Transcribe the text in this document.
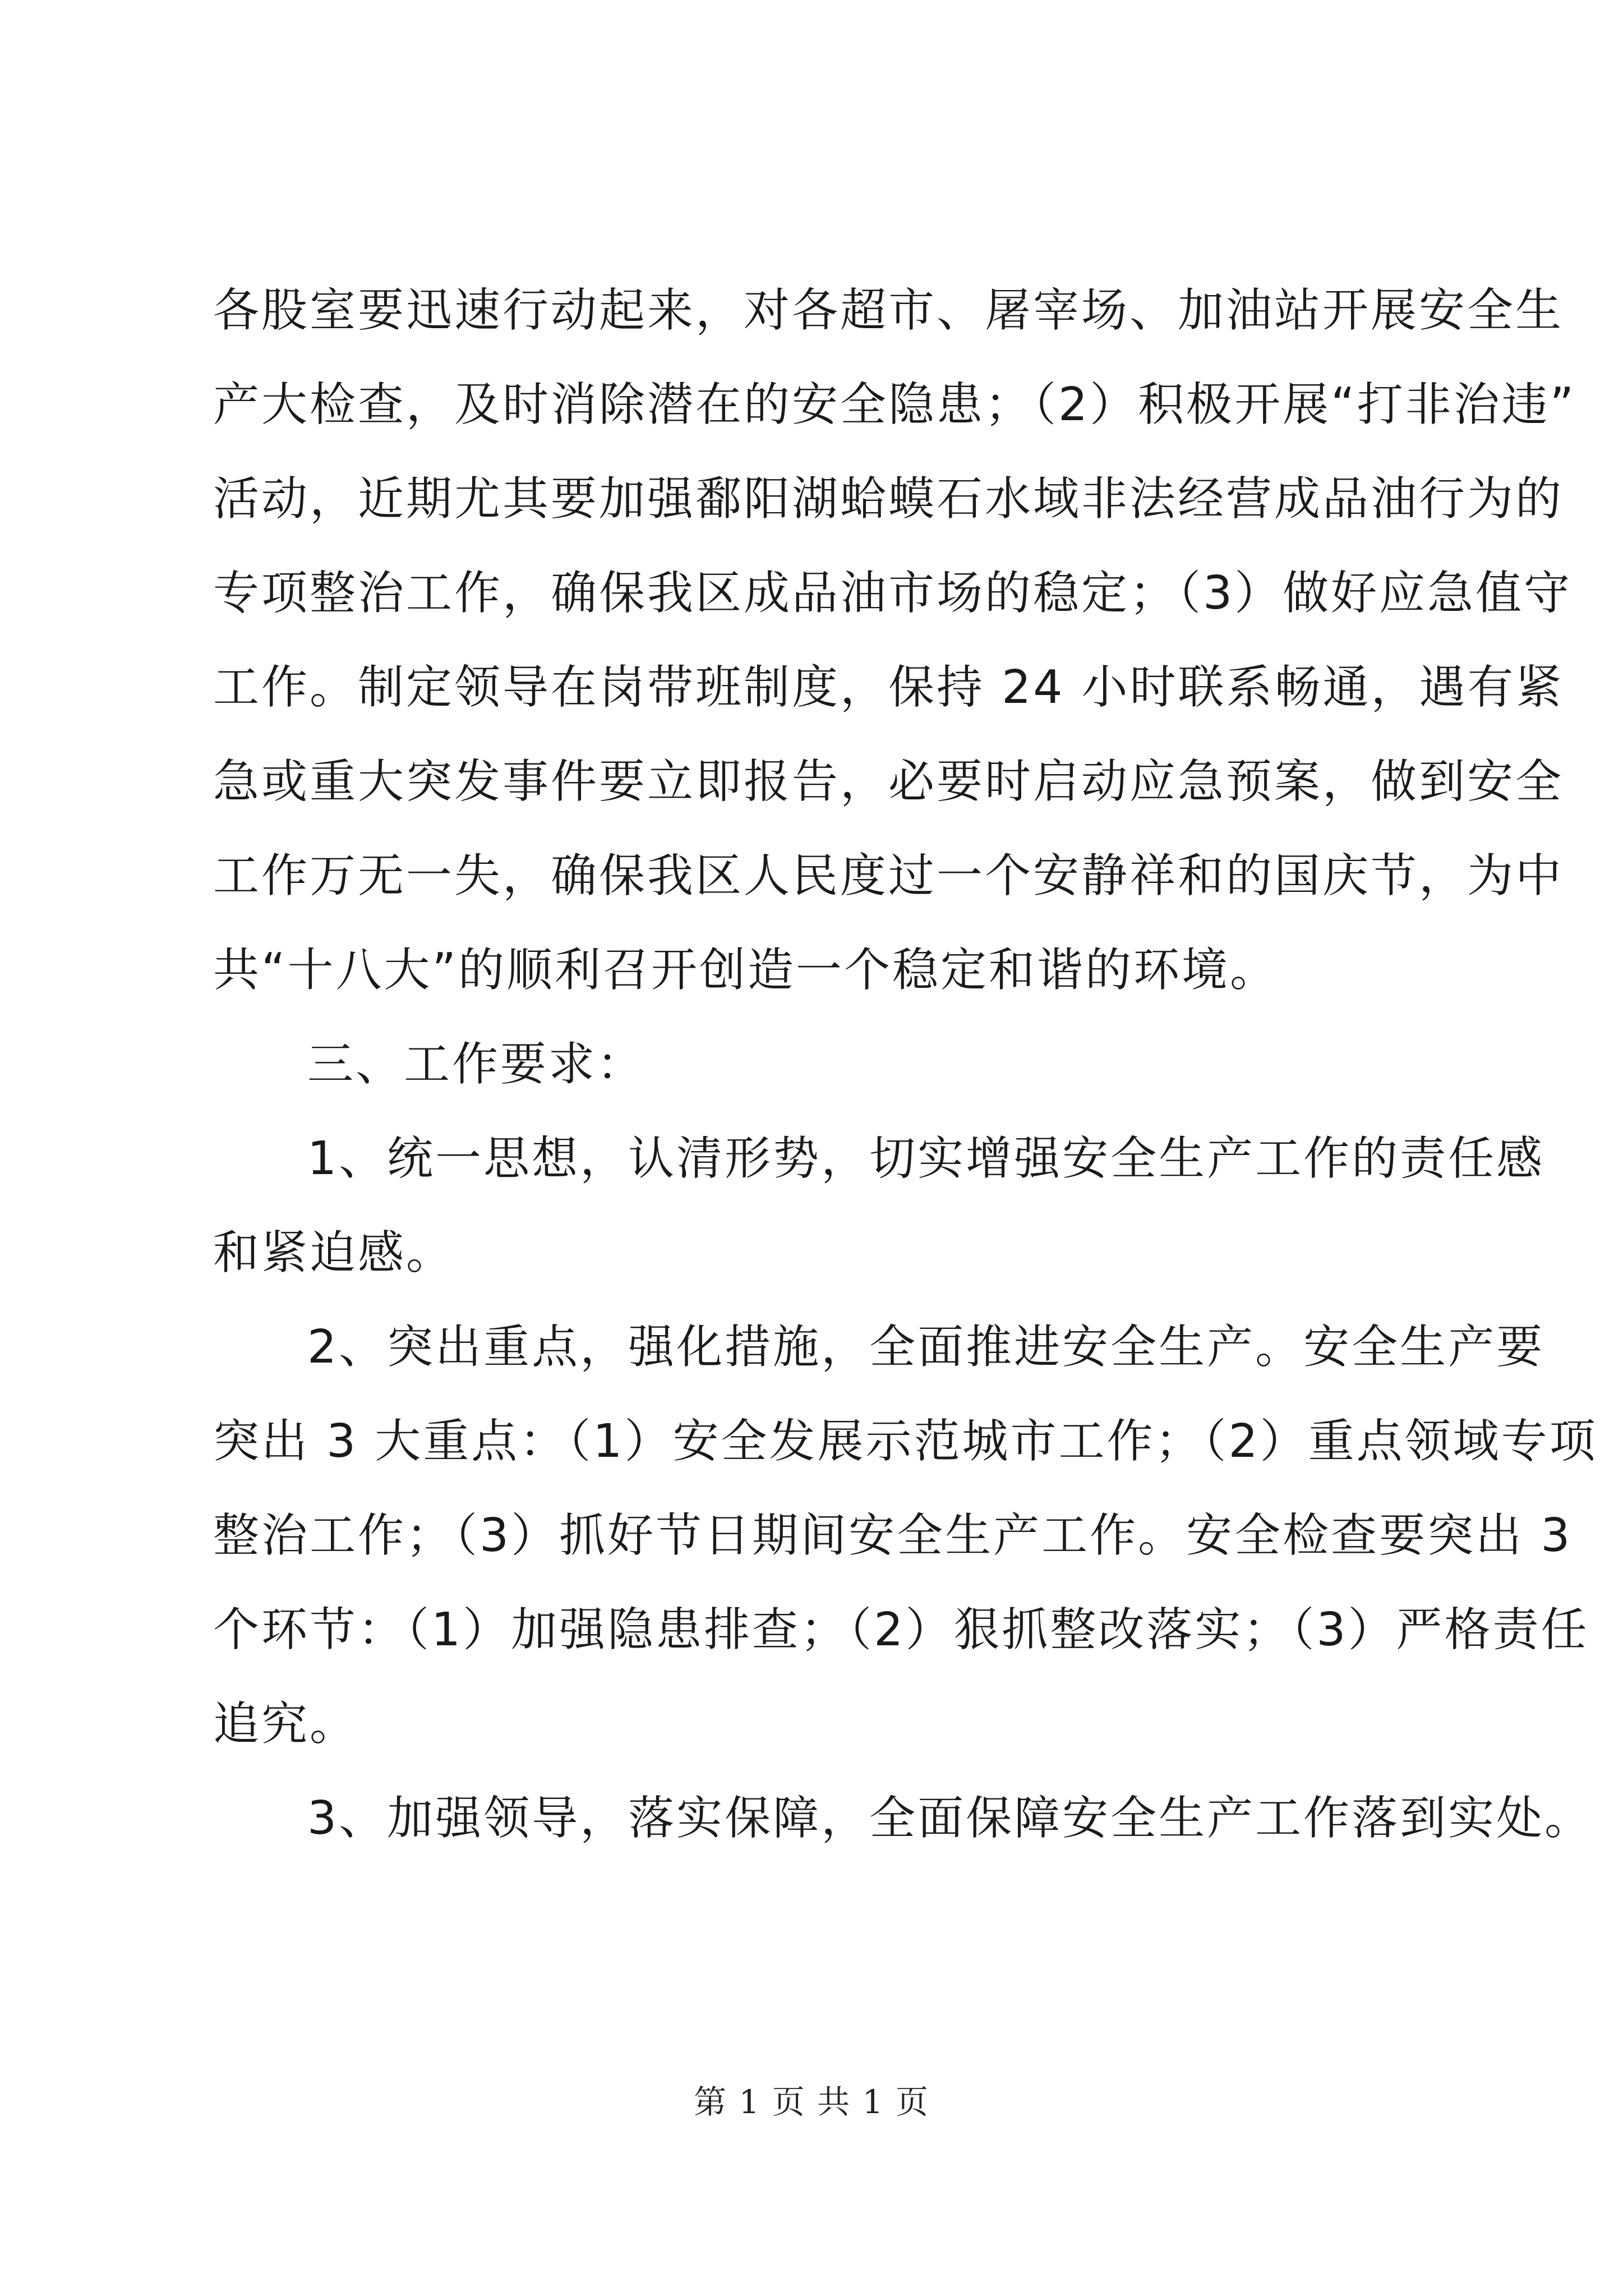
各股室要迅速行动起来，对各超市、屠宰场、加油站开展安全生
产大检查，及时消除潜在的安全隐患；（2）积极开展“打非治违”
活动，近期尤其要加强鄱阳湖蛤蟆石水域非法经营成品油行为的
专项整治工作，确保我区成品油市场的稳定；（3）做好应急值守
工作。制定领导在岗带班制度，保持 24 小时联系畅通，遇有紧
急或重大突发事件要立即报告，必要时启动应急预案，做到安全
工作万无一失，确保我区人民度过一个安静祥和的国庆节，为中
共“十八大”的顺利召开创造一个稳定和谐的环境。
三、工作要求：
1、统一思想，认清形势，切实增强安全生产工作的责任感
和紧迫感。
2、突出重点，强化措施，全面推进安全生产。安全生产要
突出 3 大重点：（1）安全发展示范城市工作；（2）重点领域专项
整治工作；（3）抓好节日期间安全生产工作。安全检查要突出 3
个环节：（1）加强隐患排查；（2）狠抓整改落实；（3）严格责任
追究。
3、加强领导，落实保障，全面保障安全生产工作落到实处。
第 1 页 共 1 页
